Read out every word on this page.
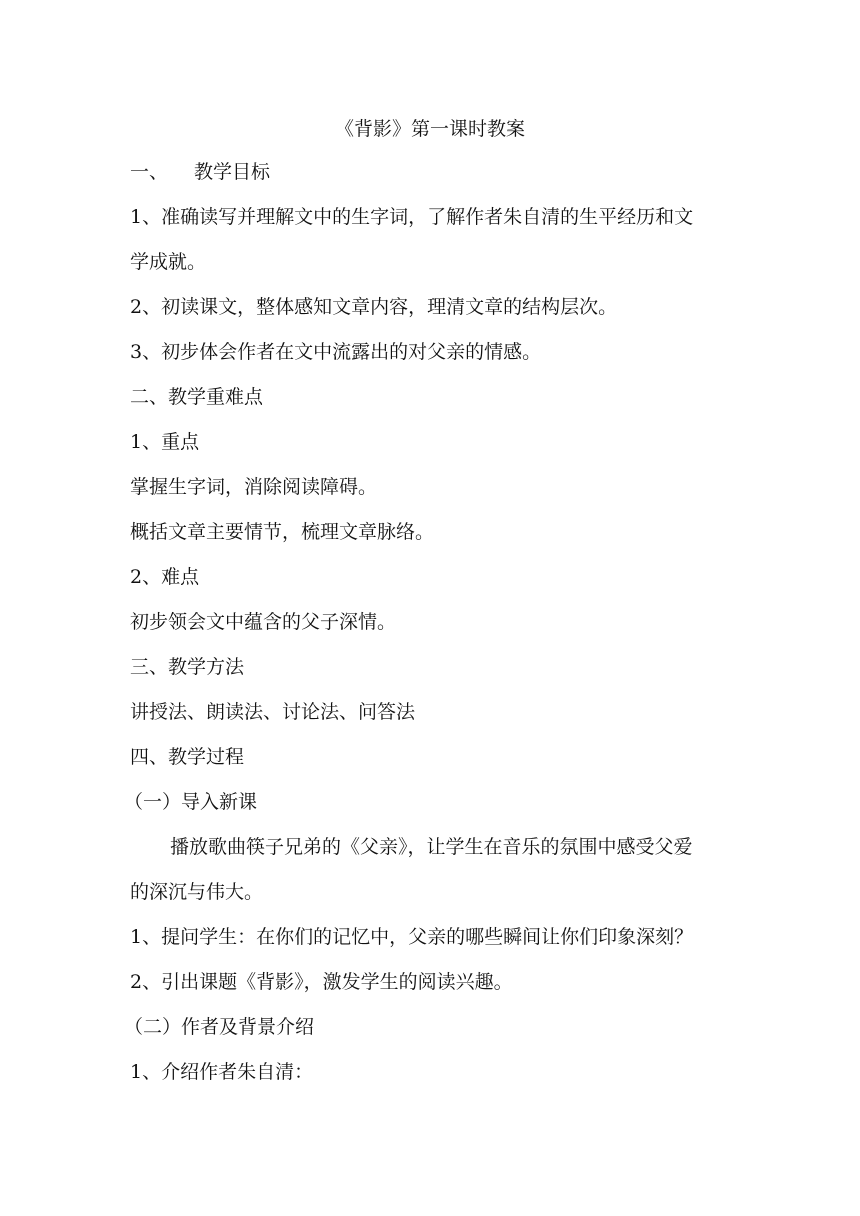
《背影》第一课时教案
一、 教学目标
1、准确读写并理解文中的生字词，了解作者朱自清的生平经历和文
学成就。
2、初读课文，整体感知文章内容，理清文章的结构层次。
3、初步体会作者在文中流露出的对父亲的情感。
二、教学重难点
1、重点
掌握生字词，消除阅读障碍。
概括文章主要情节，梳理文章脉络。
2、难点
初步领会文中蕴含的父子深情。
三、教学方法
讲授法、朗读法、讨论法、问答法
四、教学过程
（一）导入新课
播放歌曲筷子兄弟的《父亲》，让学生在音乐的氛围中感受父爱
的深沉与伟大。
1、提问学生：在你们的记忆中，父亲的哪些瞬间让你们印象深刻？
2、引出课题《背影》，激发学生的阅读兴趣。
（二）作者及背景介绍
1、介绍作者朱自清：
